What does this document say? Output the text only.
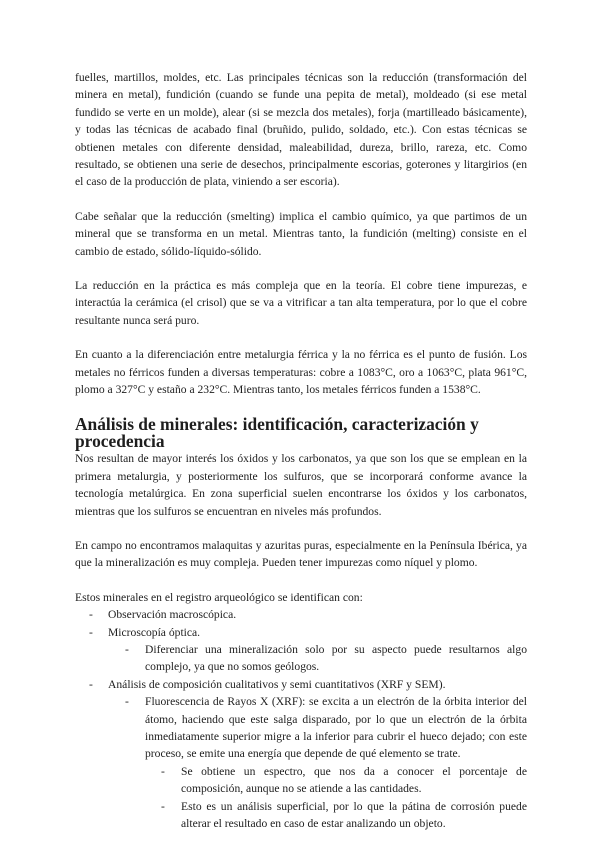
fuelles, martillos, moldes, etc. Las principales técnicas son la reducción (transformación del minera en metal), fundición (cuando se funde una pepita de metal), moldeado (si ese metal fundido se verte en un molde), alear (si se mezcla dos metales), forja (martilleado básicamente), y todas las técnicas de acabado final (bruñido, pulido, soldado, etc.). Con estas técnicas se obtienen metales con diferente densidad, maleabilidad, dureza, brillo, rareza, etc. Como resultado, se obtienen una serie de desechos, principalmente escorias, goterones y litargirios (en el caso de la producción de plata, viniendo a ser escoria).

Cabe señalar que la reducción (smelting) implica el cambio químico, ya que partimos de un mineral que se transforma en un metal. Mientras tanto, la fundición (melting) consiste en el cambio de estado, sólido-líquido-sólido.

La reducción en la práctica es más compleja que en la teoría. El cobre tiene impurezas, e interactúa la cerámica (el crisol) que se va a vitrificar a tan alta temperatura, por lo que el cobre resultante nunca será puro.

En cuanto a la diferenciación entre metalurgia férrica y la no férrica es el punto de fusión. Los metales no férricos funden a diversas temperaturas: cobre a 1083°C, oro a 1063°C, plata 961°C, plomo a 327°C y estaño a 232°C. Mientras tanto, los metales férricos funden a 1538°C.

Análisis de minerales: identificación, caracterización y procedencia

Nos resultan de mayor interés los óxidos y los carbonatos, ya que son los que se emplean en la primera metalurgia, y posteriormente los sulfuros, que se incorporará conforme avance la tecnología metalúrgica. En zona superficial suelen encontrarse los óxidos y los carbonatos, mientras que los sulfuros se encuentran en niveles más profundos.

En campo no encontramos malaquitas y azuritas puras, especialmente en la Península Ibérica, ya que la mineralización es muy compleja. Pueden tener impurezas como níquel y plomo.

Estos minerales en el registro arqueológico se identifican con:

- Observación macroscópica.
- Microscopía óptica.
- Diferenciar una mineralización solo por su aspecto puede resultarnos algo complejo, ya que no somos geólogos.
- Análisis de composición cualitativos y semi cuantitativos (XRF y SEM).
- Fluorescencia de Rayos X (XRF): se excita a un electrón de la órbita interior del átomo, haciendo que este salga disparado, por lo que un electrón de la órbita inmediatamente superior migre a la inferior para cubrir el hueco dejado; con este proceso, se emite una energía que depende de qué elemento se trate.
- Se obtiene un espectro, que nos da a conocer el porcentaje de composición, aunque no se atiende a las cantidades.
- Esto es un análisis superficial, por lo que la pátina de corrosión puede alterar el resultado en caso de estar analizando un objeto.
